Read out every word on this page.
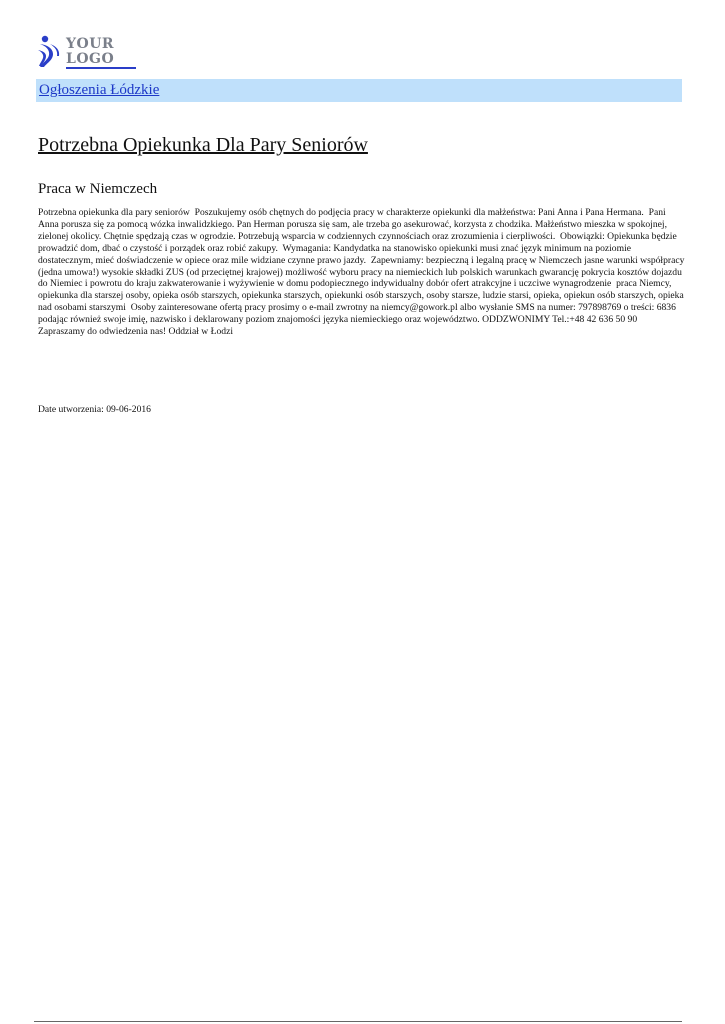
YOUR
LOGO
Ogłoszenia Łódzkie
Potrzebna Opiekunka Dla Pary Seniorów
Praca w Niemczech

Potrzebna opiekunka dla pary seniorów  Poszukujemy osób chętnych do podjęcia pracy w charakterze opiekunki dla małżeństwa: Pani Anna i Pana Hermana.  Pani Anna porusza się za pomocą wózka inwalidzkiego. Pan Herman porusza się sam, ale trzeba go asekurować, korzysta z chodzika. Małżeństwo mieszka w spokojnej, zielonej okolicy. Chętnie spędzają czas w ogrodzie. Potrzebują wsparcia w codziennych czynnościach oraz zrozumienia i cierpliwości.  Obowiązki: Opiekunka będzie prowadzić dom, dbać o czystość i porządek oraz robić zakupy.  Wymagania: Kandydatka na stanowisko opiekunki musi znać język minimum na poziomie dostatecznym, mieć doświadczenie w opiece oraz mile widziane czynne prawo jazdy.  Zapewniamy: bezpieczną i legalną pracę w Niemczech jasne warunki współpracy (jedna umowa!) wysokie składki ZUS (od przeciętnej krajowej) możliwość wyboru pracy na niemieckich lub polskich warunkach gwarancję pokrycia kosztów dojazdu do Niemiec i powrotu do kraju zakwaterowanie i wyżywienie w domu podopiecznego indywidualny dobór ofert atrakcyjne i uczciwe wynagrodzenie  praca Niemcy, opiekunka dla starszej osoby, opieka osób starszych, opiekunka starszych, opiekunki osób starszych, osoby starsze, ludzie starsi, opieka, opiekun osób starszych, opieka nad osobami starszymi  Osoby zainteresowane ofertą pracy prosimy o e-mail zwrotny na niemcy@gowork.pl albo wysłanie SMS na numer: 797898769 o treści: 6836  podając również swoje imię, nazwisko i deklarowany poziom znajomości języka niemieckiego oraz województwo. ODDZWONIMY Tel.:+48 42 636 50 90   Zapraszamy do odwiedzenia nas! Oddział w Łodzi

Date utworzenia: 09-06-2016
